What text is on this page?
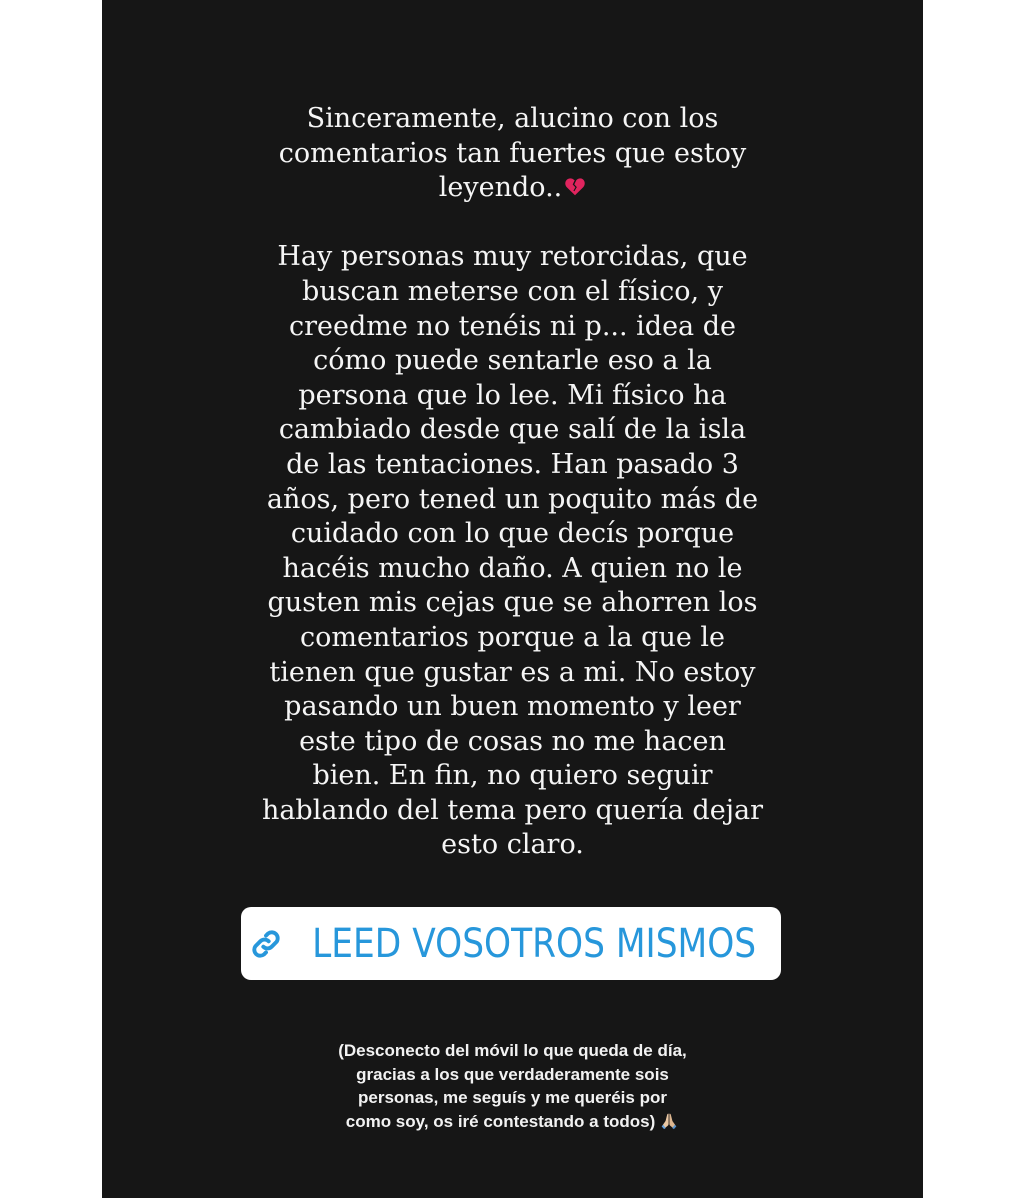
Sinceramente, alucino con los
comentarios tan fuertes que estoy
leyendo..
Hay personas muy retorcidas, que
buscan meterse con el físico, y
creedme no tenéis ni p... idea de
cómo puede sentarle eso a la
persona que lo lee. Mi físico ha
cambiado desde que salí de la isla
de las tentaciones. Han pasado 3
años, pero tened un poquito más de
cuidado con lo que decís porque
hacéis mucho daño. A quien no le
gusten mis cejas que se ahorren los
comentarios porque a la que le
tienen que gustar es a mi. No estoy
pasando un buen momento y leer
este tipo de cosas no me hacen
bien. En fin, no quiero seguir
hablando del tema pero quería dejar
esto claro.
LEED VOSOTROS MISMOS
(Desconecto del móvil lo que queda de día,
gracias a los que verdaderamente sois
personas, me seguís y me queréis por
como soy, os iré contestando a todos)
